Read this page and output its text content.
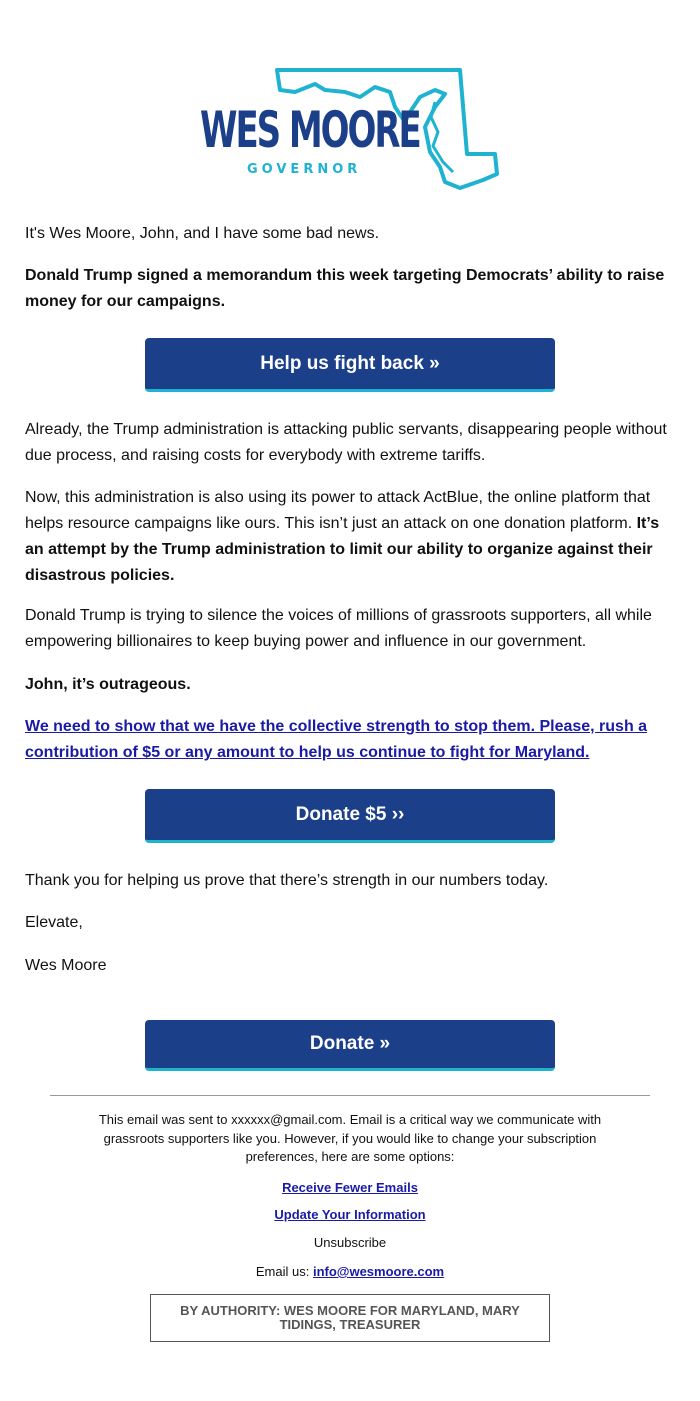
WES MOORE
GOVERNOR
It's Wes Moore, John, and I have some bad news.
Donald Trump signed a memorandum this week targeting Democrats’ ability to raise money for our campaigns.
Help us fight back »
Already, the Trump administration is attacking public servants, disappearing people without due process, and raising costs for everybody with extreme tariffs.
Now, this administration is also using its power to attack ActBlue, the online platform that helps resource campaigns like ours. This isn’t just an attack on one donation platform. It’s an attempt by the Trump administration to limit our ability to organize against their disastrous policies.
Donald Trump is trying to silence the voices of millions of grassroots supporters, all while empowering billionaires to keep buying power and influence in our government.
John, it’s outrageous.
We need to show that we have the collective strength to stop them. Please, rush a contribution of $5 or any amount to help us continue to fight for Maryland.
Donate $5 ››
Thank you for helping us prove that there’s strength in our numbers today.
Elevate,
Wes Moore
Donate »
This email was sent to xxxxxx@gmail.com. Email is a critical way we communicate with grassroots supporters like you. However, if you would like to change your subscription preferences, here are some options:
Receive Fewer Emails
Update Your Information
Unsubscribe
Email us: info@wesmoore.com
BY AUTHORITY: WES MOORE FOR MARYLAND, MARY TIDINGS, TREASURER
